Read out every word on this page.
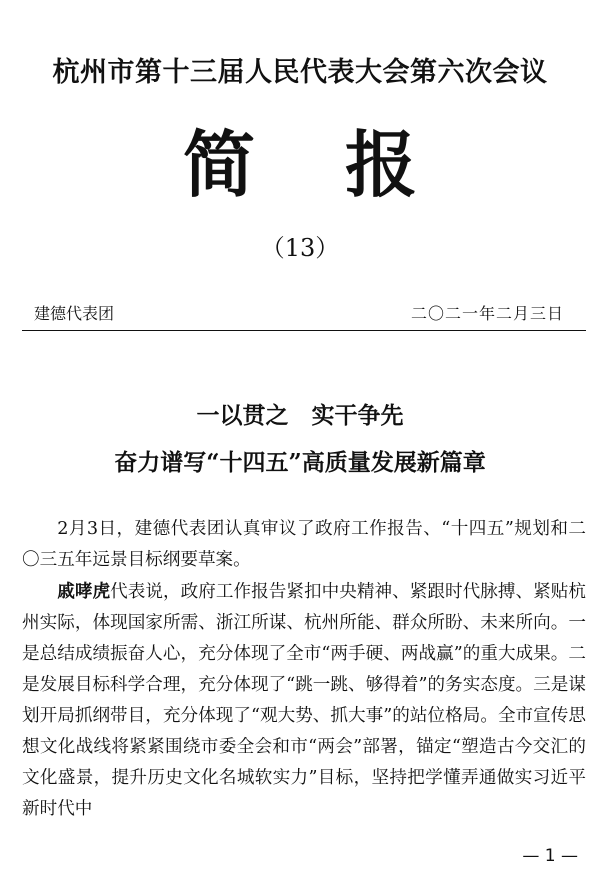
杭州市第十三届人民代表大会第六次会议
简 报
（13）
建德代表团	二〇二一年二月三日
一以贯之　实干争先
奋力谱写“十四五”高质量发展新篇章

2月3日，建德代表团认真审议了政府工作报告、“十四五”规划和二〇三五年远景目标纲要草案。

戚哮虎代表说，政府工作报告紧扣中央精神、紧跟时代脉搏、紧贴杭州实际，体现国家所需、浙江所谋、杭州所能、群众所盼、未来所向。一是总结成绩振奋人心，充分体现了全市“两手硬、两战赢”的重大成果。二是发展目标科学合理，充分体现了“跳一跳、够得着”的务实态度。三是谋划开局抓纲带目，充分体现了“观大势、抓大事”的站位格局。全市宣传思想文化战线将紧紧围绕市委全会和市“两会”部署，锚定“塑造古今交汇的文化盛景，提升历史文化名城软实力”目标，坚持把学懂弄通做实习近平新时代中

— 1 —
